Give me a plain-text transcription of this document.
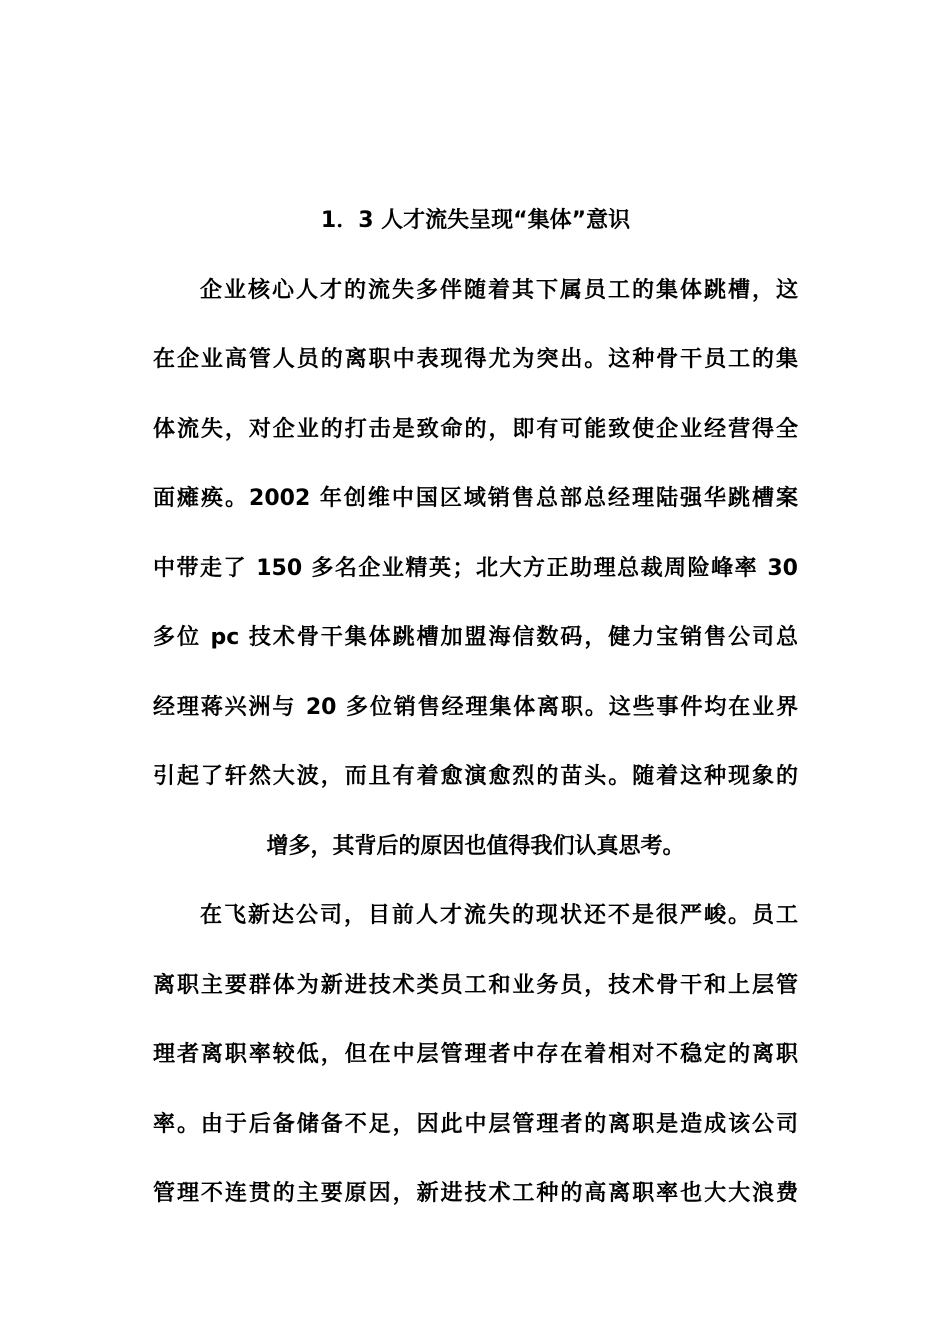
1．3 人才流失呈现“集体”意识
企业核心人才的流失多伴随着其下属员工的集体跳槽，这
在企业高管人员的离职中表现得尤为突出。这种骨干员工的集
体流失，对企业的打击是致命的，即有可能致使企业经营得全
面瘫痪。2002 年创维中国区域销售总部总经理陆强华跳槽案
中带走了 150 多名企业精英；北大方正助理总裁周险峰率 30
多位 pc 技术骨干集体跳槽加盟海信数码，健力宝销售公司总
经理蒋兴洲与 20 多位销售经理集体离职。这些事件均在业界
引起了轩然大波，而且有着愈演愈烈的苗头。随着这种现象的
增多，其背后的原因也值得我们认真思考。
在飞新达公司，目前人才流失的现状还不是很严峻。员工
离职主要群体为新进技术类员工和业务员，技术骨干和上层管
理者离职率较低，但在中层管理者中存在着相对不稳定的离职
率。由于后备储备不足，因此中层管理者的离职是造成该公司
管理不连贯的主要原因，新进技术工种的高离职率也大大浪费
